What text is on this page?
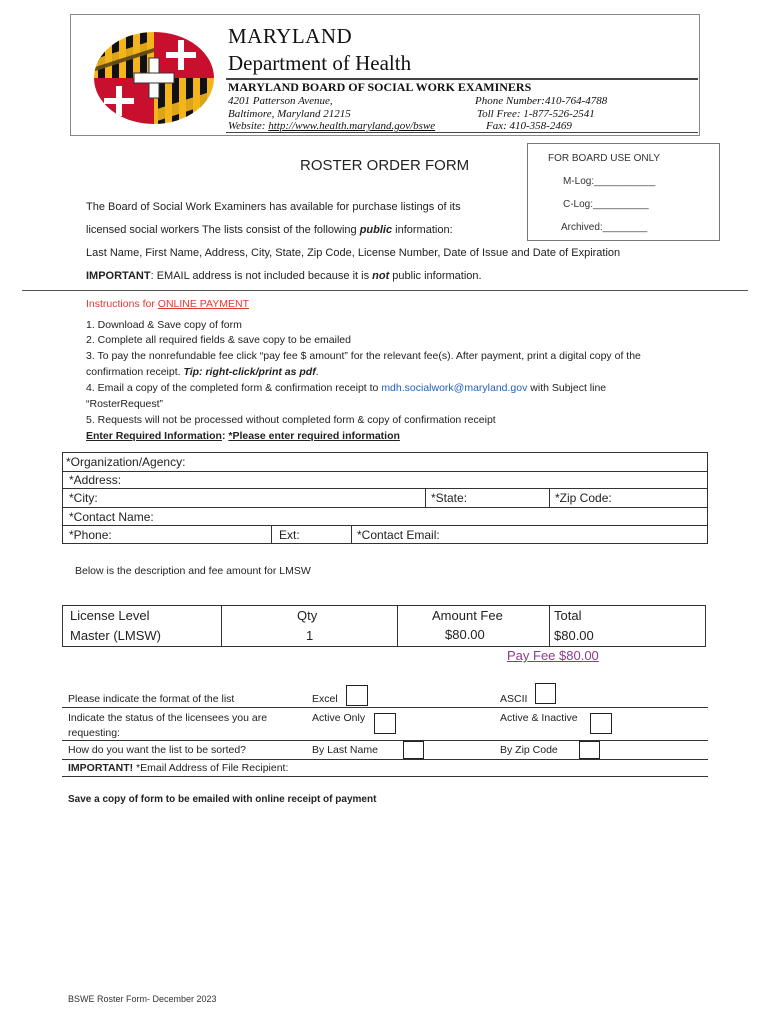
MARYLAND
Department of Health
MARYLAND BOARD OF SOCIAL WORK EXAMINERS
4201 Patterson Avenue,
Baltimore, Maryland 21215
Website: http://www.health.maryland.gov/bswe
Phone Number:410-764-4788
Toll Free: 1-877-526-2541
Fax: 410-358-2469
FOR BOARD USE ONLY
M-Log:___________
C-Log:__________
Archived:________
ROSTER ORDER FORM
The Board of Social Work Examiners has available for purchase listings of its
licensed social workers The lists consist of the following public information:
Last Name, First Name, Address, City, State, Zip Code, License Number, Date of Issue and Date of Expiration
IMPORTANT: EMAIL address is not included because it is not public information.
Instructions for ONLINE PAYMENT
1. Download & Save copy of form
2. Complete all required fields & save copy to be emailed
3. To pay the nonrefundable fee click “pay fee $ amount” for the relevant fee(s). After payment, print a digital copy of the
confirmation receipt. Tip: right-click/print as pdf.
4. Email a copy of the completed form & confirmation receipt to mdh.socialwork@maryland.gov with Subject line
“RosterRequest”
5. Requests will not be processed without completed form & copy of confirmation receipt
Enter Required Information: *Please enter required information
*Organization/Agency:
*Address:
*City:	*State:	*Zip Code:
*Contact Name:
*Phone:	Ext:	*Contact Email:
Below is the description and fee amount for LMSW
License Level	Qty	Amount Fee	Total
Master (LMSW)	1	$80.00	$80.00
Pay Fee $80.00
Please indicate the format of the list	Excel	ASCII
Indicate the status of the licensees you are
requesting:
Active Only	Active & Inactive
How do you want the list to be sorted?	By Last Name	By Zip Code
IMPORTANT! *Email Address of File Recipient:
Save a copy of form to be emailed with online receipt of payment
BSWE Roster Form- December 2023
